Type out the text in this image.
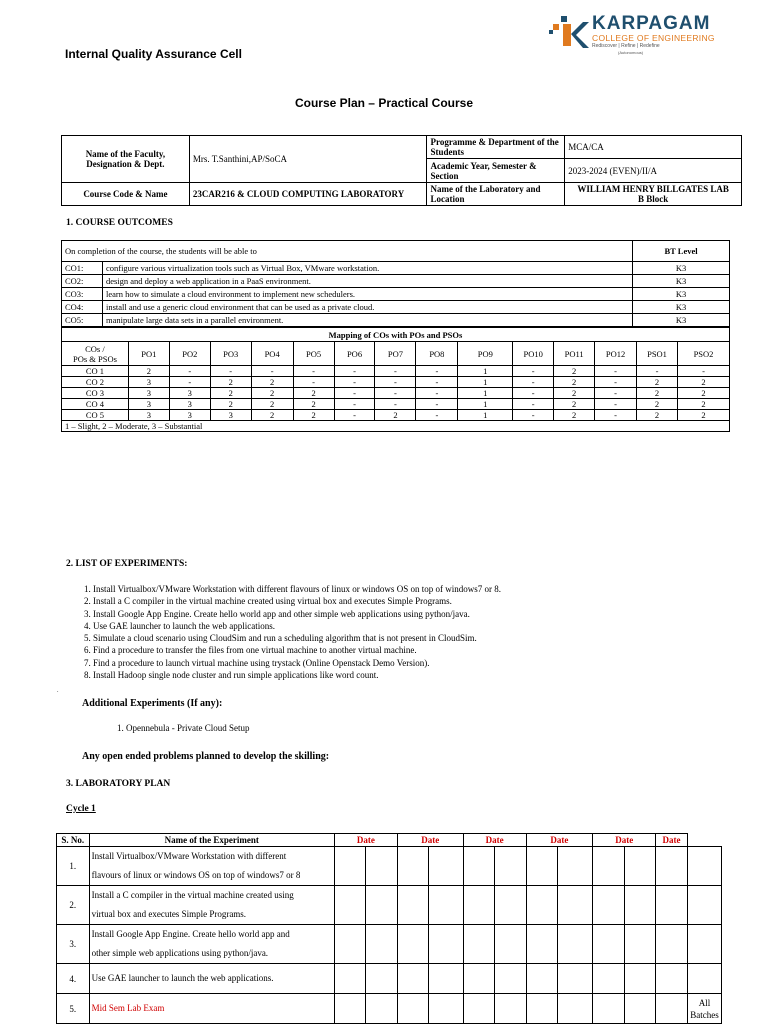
KARPAGAM
COLLEGE OF ENGINEERING
Rediscover | Refine | Redefine
(Autonomous)
Internal Quality Assurance Cell
Course Plan – Practical Course
Name of the Faculty, Designation & Dept.	Mrs. T.Santhini,AP/SoCA	Programme & Department of the Students	MCA/CA
		Academic Year, Semester & Section	2023-2024 (EVEN)/II/A
Course Code & Name	23CAR216 & CLOUD COMPUTING LABORATORY	Name of the Laboratory and Location	WILLIAM HENRY BILLGATES LAB
B Block
1. COURSE OUTCOMES
On completion of the course, the students will be able to		BT Level
CO1:	configure various virtualization tools such as Virtual Box, VMware workstation.	K3
CO2:	design and deploy a web application in a PaaS environment.	K3
CO3:	learn how to simulate a cloud environment to implement new schedulers.	K3
CO4:	install and use a generic cloud environment that can be used as a private cloud.	K3
CO5:	manipulate large data sets in a parallel environment.	K3
Mapping of COs with POs and PSOs														

COs /
POs & PSOs	PO1	PO2	PO3	PO4	PO5	PO6	PO7	PO8	PO9	PO10	PO11	PO12	PSO1	PSO2
CO 1	2	-	-	-	-	-	-	-	1	-	2	-	-	-
CO 2	3	-	2	2	-	-	-	-	1	-	2	-	2	2
CO 3	3	3	2	2	2	-	-	-	1	-	2	-	2	2
CO 4	3	3	2	2	2	-	-	-	1	-	2	-	2	2
CO 5	3	3	3	2	2	-	2	-	1	-	2	-	2	2
1 – Slight, 2 – Moderate, 3 – Substantial														
2. LIST OF EXPERIMENTS:
1. Install Virtualbox/VMware Workstation with different flavours of linux or windows OS on top of windows7 or 8.
2. Install a C compiler in the virtual machine created using virtual box and executes Simple Programs.
3. Install Google App Engine. Create hello world app and other simple web applications using python/java.
4. Use GAE launcher to launch the web applications.
5. Simulate a cloud scenario using CloudSim and run a scheduling algorithm that is not present in CloudSim.
6. Find a procedure to transfer the files from one virtual machine to another virtual machine.
7. Find a procedure to launch virtual machine using trystack (Online Openstack Demo Version).
8. Install Hadoop single node cluster and run simple applications like word count.
.
Additional Experiments (If any):
1. Opennebula - Private Cloud Setup
Any open ended problems planned to develop the skilling:
3. LABORATORY PLAN
Cycle 1
S. No.	Name of the Experiment	Date		Date		Date		Date		Date		Date	
1.	Install Virtualbox/VMware Workstation with different
flavours of linux or windows OS on top of windows7 or 8												

2.	Install a C compiler in the virtual machine created using
virtual box and executes Simple Programs.												

3.	Install Google App Engine. Create hello world app and
other simple web applications using python/java.												

4.	Use GAE launcher to launch the web applications.												

5.	Mid Sem Lab Exam												All
Batches
